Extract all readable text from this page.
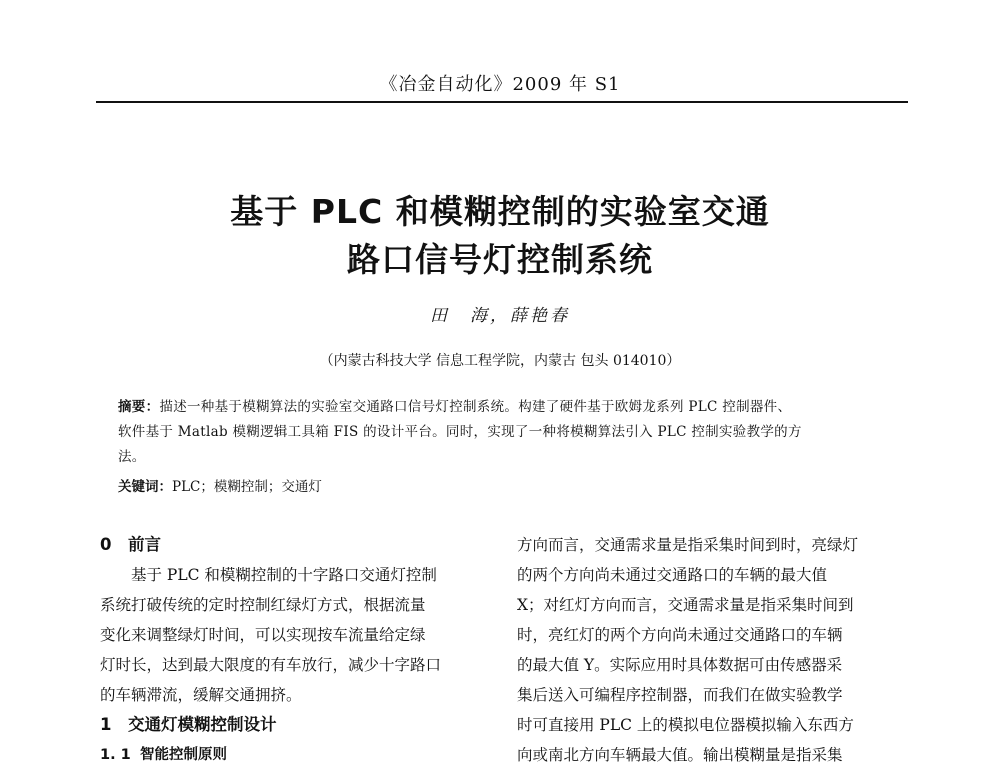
《冶金自动化》2009 年 S1
基于 PLC 和模糊控制的实验室交通
路口信号灯控制系统
田　海，薛艳春
（内蒙古科技大学 信息工程学院，内蒙古 包头 014010）
摘要：描述一种基于模糊算法的实验室交通路口信号灯控制系统。构建了硬件基于欧姆龙系列 PLC 控制器件、
软件基于 Matlab 模糊逻辑工具箱 FIS 的设计平台。同时，实现了一种将模糊算法引入 PLC 控制实验教学的方
法。
关键词：PLC；模糊控制；交通灯
0 前言
基于 PLC 和模糊控制的十字路口交通灯控制
系统打破传统的定时控制红绿灯方式，根据流量
变化来调整绿灯时间，可以实现按车流量给定绿
灯时长，达到最大限度的有车放行，减少十字路口
的车辆滞流，缓解交通拥挤。
1 交通灯模糊控制设计
1. 1 智能控制原则
方向而言，交通需求量是指采集时间到时，亮绿灯
的两个方向尚未通过交通路口的车辆的最大值
X；对红灯方向而言，交通需求量是指采集时间到
时，亮红灯的两个方向尚未通过交通路口的车辆
的最大值 Y。实际应用时具体数据可由传感器采
集后送入可编程序控制器，而我们在做实验教学
时可直接用 PLC 上的模拟电位器模拟输入东西方
向或南北方向车辆最大值。输出模糊量是指采集
